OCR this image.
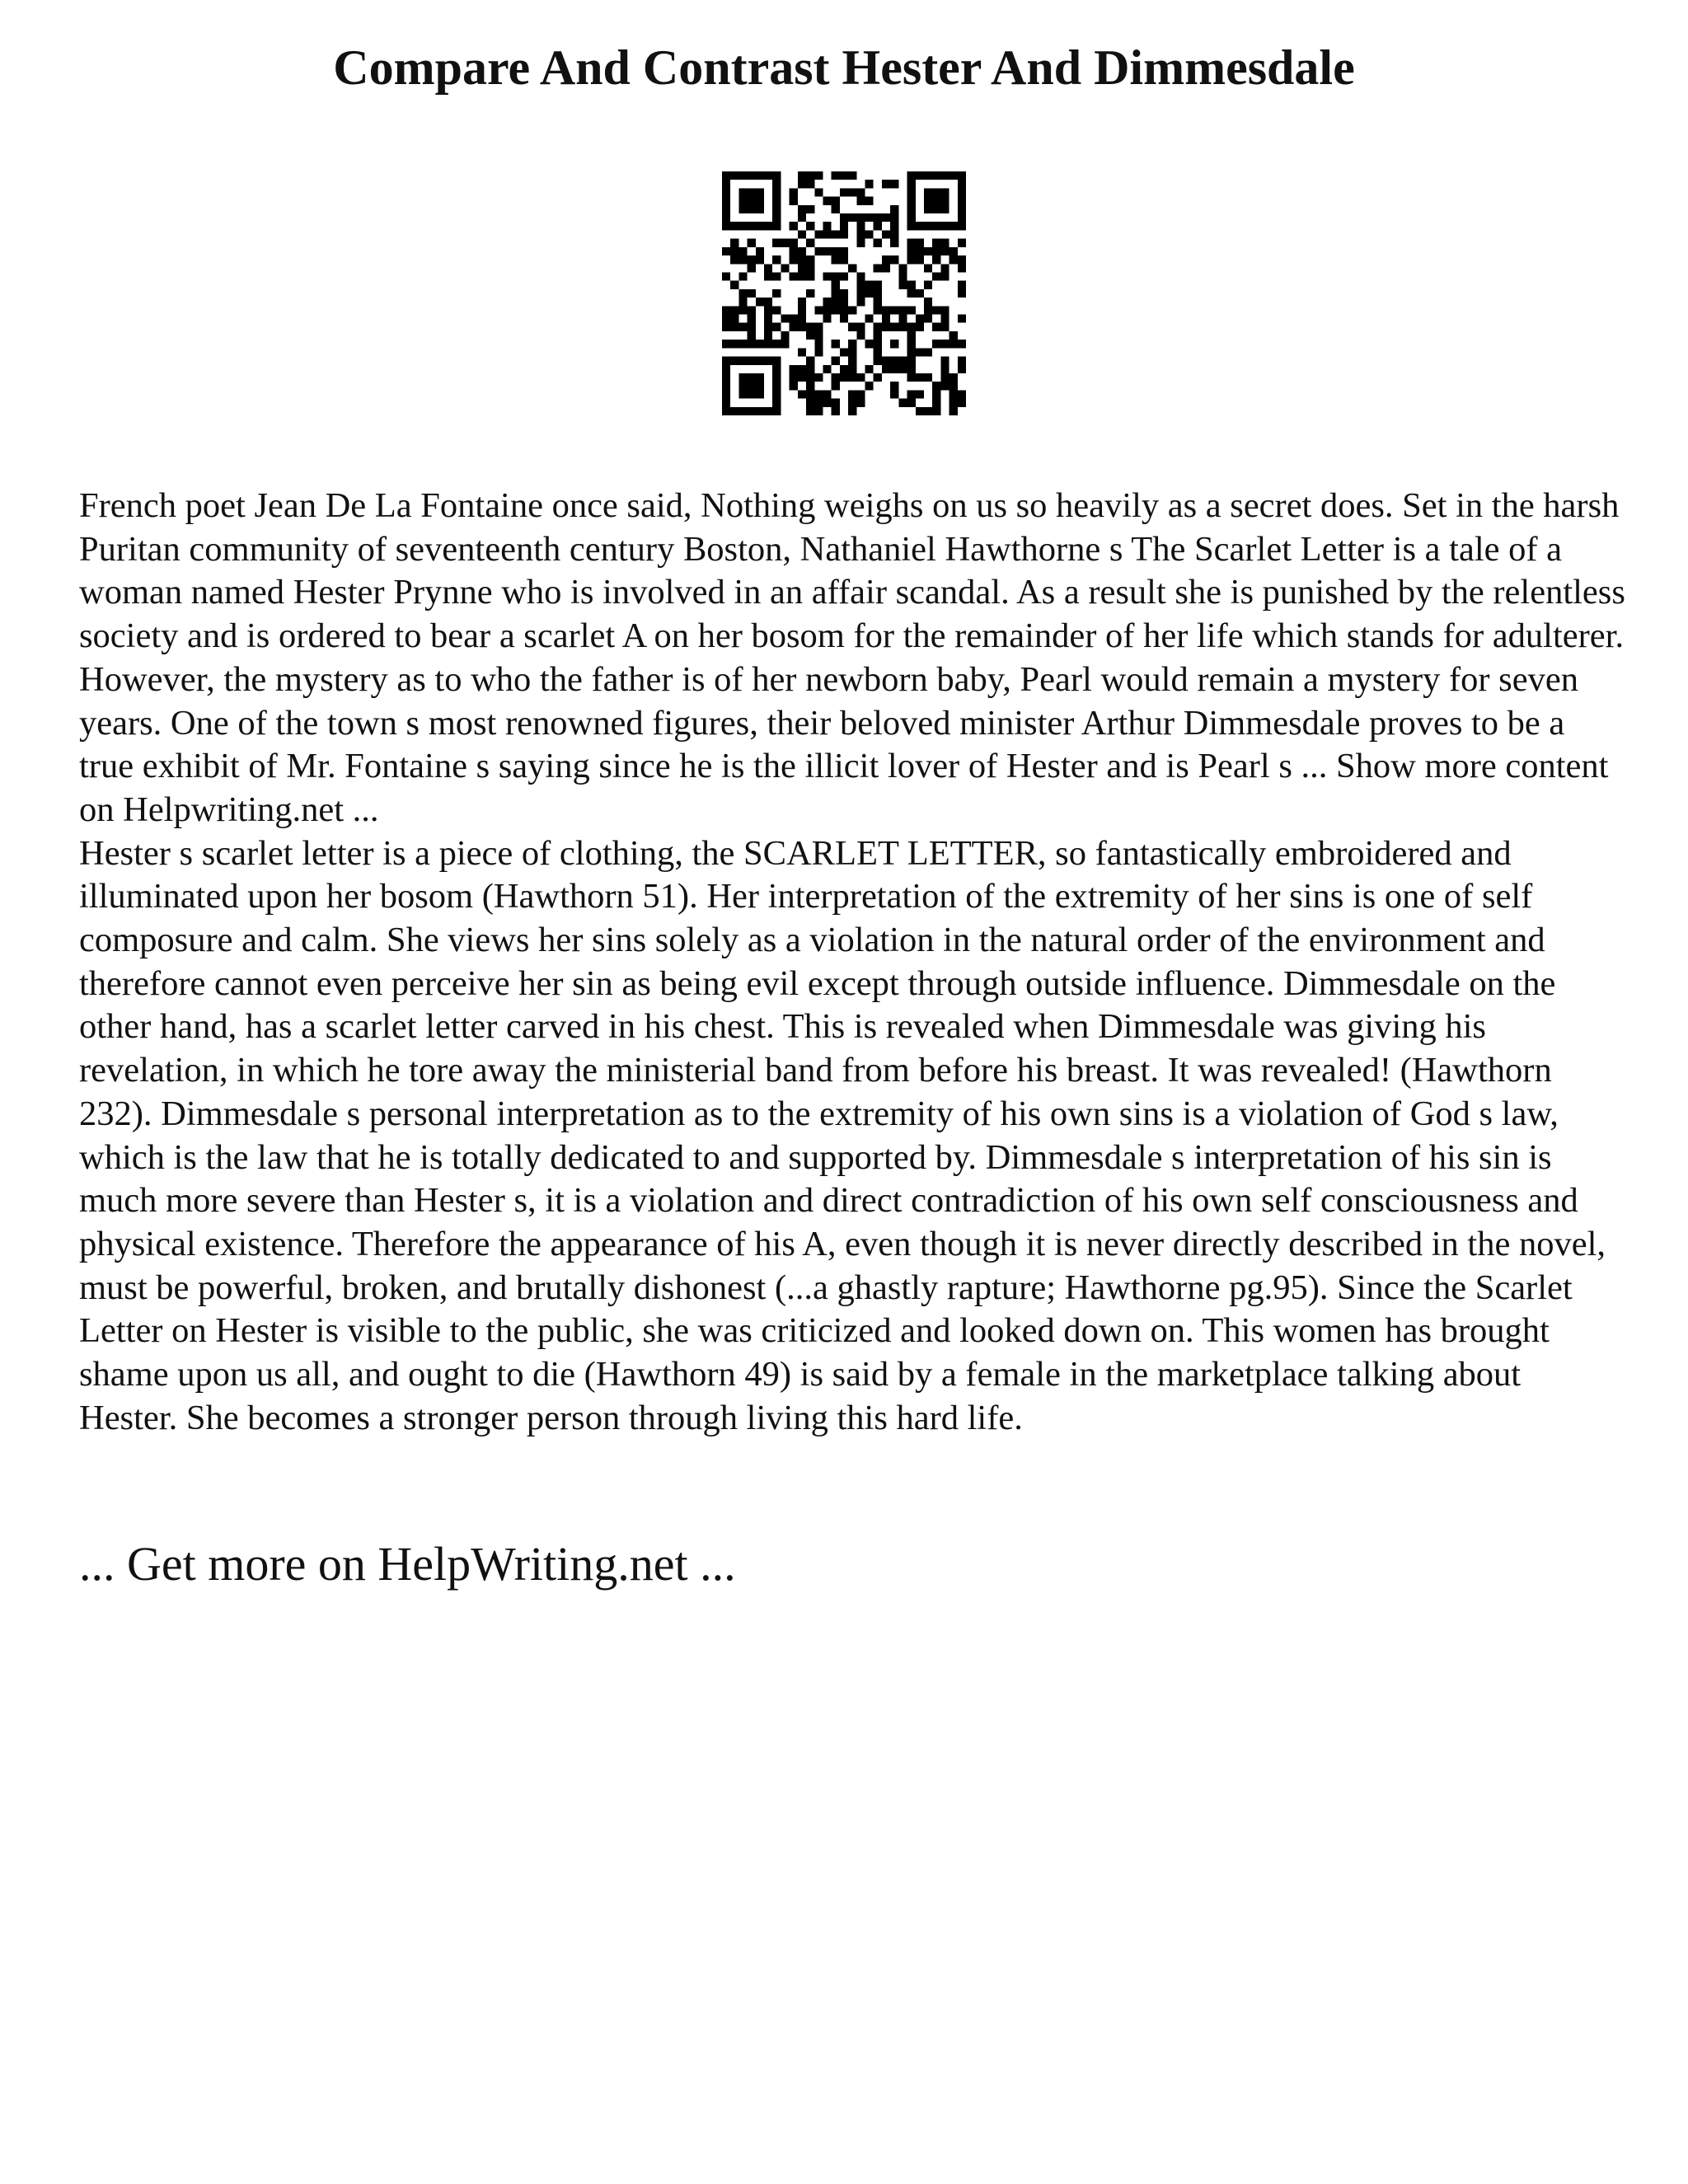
Compare And Contrast Hester And Dimmesdale

French poet Jean De La Fontaine once said, Nothing weighs on us so heavily as a secret does. Set in the harsh Puritan community of seventeenth century Boston, Nathaniel Hawthorne s The Scarlet Letter is a tale of a woman named Hester Prynne who is involved in an affair scandal. As a result she is punished by the relentless society and is ordered to bear a scarlet A on her bosom for the remainder of her life which stands for adulterer. However, the mystery as to who the father is of her newborn baby, Pearl would remain a mystery for seven years. One of the town s most renowned figures, their beloved minister Arthur Dimmesdale proves to be a true exhibit of Mr. Fontaine s saying since he is the illicit lover of Hester and is Pearl s ... Show more content on Helpwriting.net ...

Hester s scarlet letter is a piece of clothing, the SCARLET LETTER, so fantastically embroidered and illuminated upon her bosom (Hawthorn 51). Her interpretation of the extremity of her sins is one of self composure and calm. She views her sins solely as a violation in the natural order of the environment and therefore cannot even perceive her sin as being evil except through outside influence. Dimmesdale on the other hand, has a scarlet letter carved in his chest. This is revealed when Dimmesdale was giving his revelation, in which he tore away the ministerial band from before his breast. It was revealed! (Hawthorn 232). Dimmesdale s personal interpretation as to the extremity of his own sins is a violation of God s law, which is the law that he is totally dedicated to and supported by. Dimmesdale s interpretation of his sin is much more severe than Hester s, it is a violation and direct contradiction of his own self consciousness and physical existence. Therefore the appearance of his A, even though it is never directly described in the novel, must be powerful, broken, and brutally dishonest (...a ghastly rapture; Hawthorne pg.95). Since the Scarlet Letter on Hester is visible to the public, she was criticized and looked down on. This women has brought shame upon us all, and ought to die (Hawthorn 49) is said by a female in the marketplace talking about Hester. She becomes a stronger person through living this hard life.

... Get more on HelpWriting.net ...
